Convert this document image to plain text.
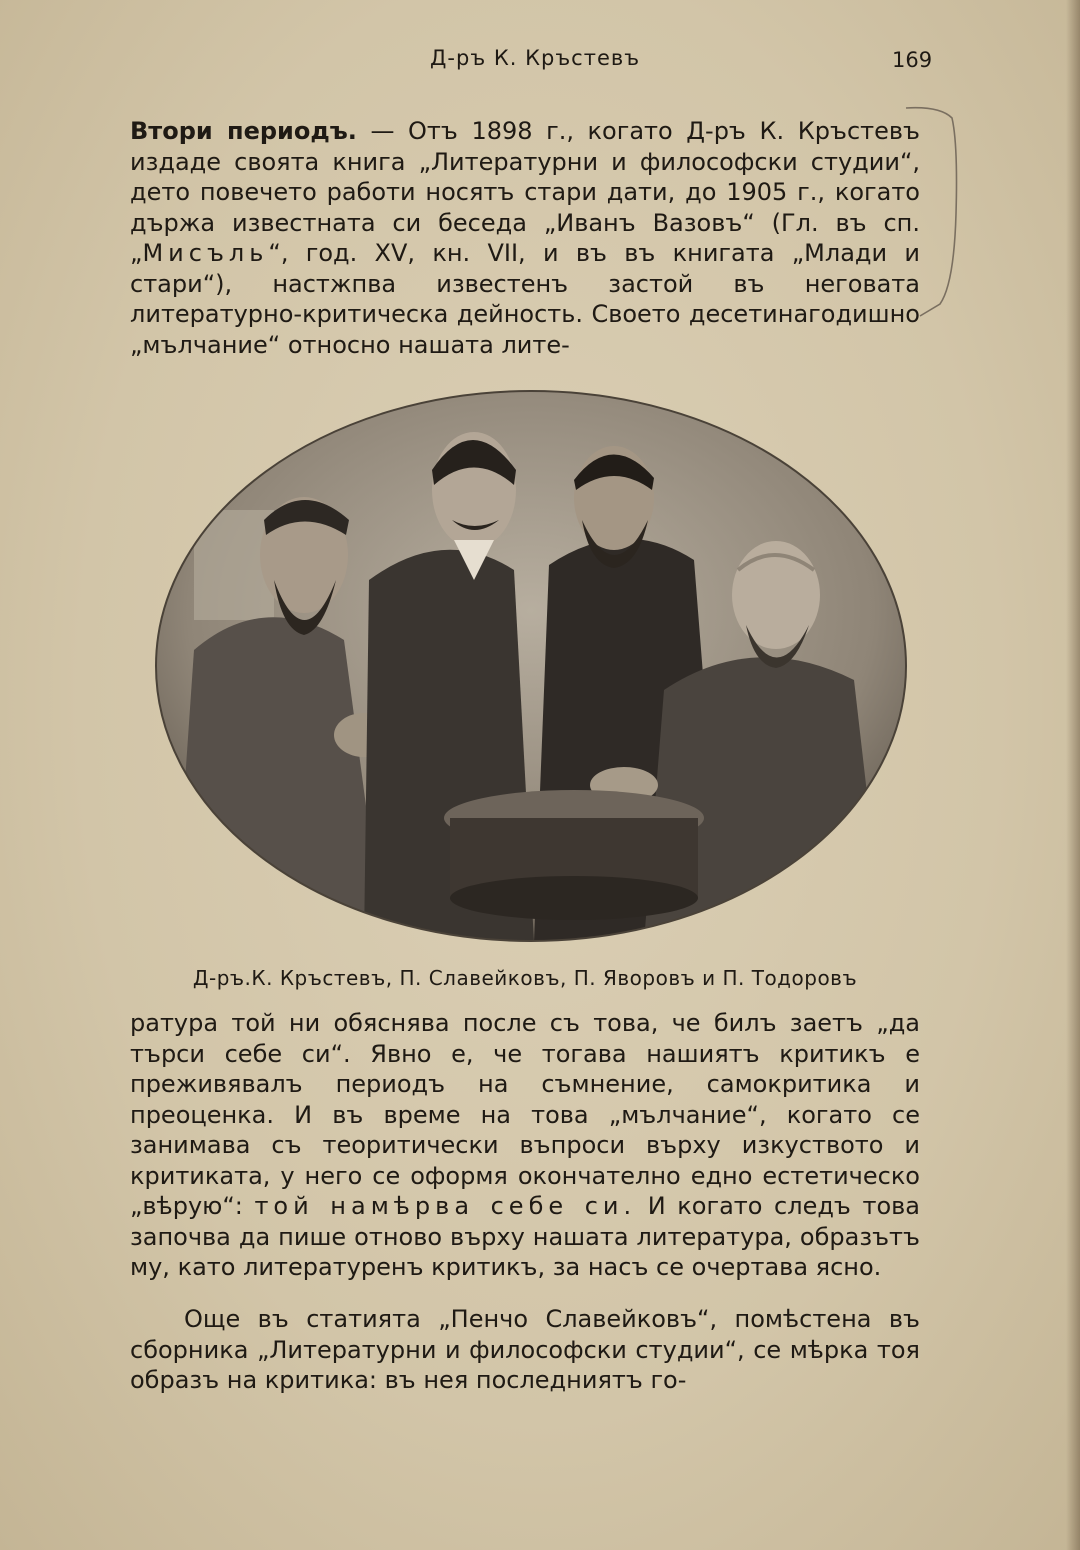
Д-ръ К. Кръстевъ	169

Втори периодъ. — Отъ 1898 г., когато Д-ръ К. Кръстевъ издаде своята книга „Литературни и философски студии“, дето повечето работи носятъ стари дати, до 1905 г., когато държа известната си беседа „Иванъ Вазовъ“ (Гл. въ сп. „Мисъль“, год. XV, кн. VII, и въ въ книгата „Млади и стари“), настжпва известенъ застой въ неговата литературно-критическа дейность. Своето десетинагодишно „мълчание“ относно нашата лите-

Д-ръ.К. Кръстевъ, П. Славейковъ, П. Яворовъ и П. Тодоровъ

ратура той ни обяснява после съ това, че билъ заетъ „да търси себе си“. Явно е, че тогава нашиятъ критикъ е преживявалъ периодъ на съмнение, самокритика и преоценка. И въ време на това „мълчание“, когато се занимава съ теоритически въпроси върху изкуството и критиката, у него се оформя окончателно едно естетическо „вѣрую“: той намѣрва себе си. И когато следъ това започва да пише отново върху нашата литература, образътъ му, като литературенъ критикъ, за насъ се очертава ясно.

Още въ статията „Пенчо Славейковъ“, помѣстена въ сборника „Литературни и философски студии“, се мѣрка тоя образъ на критика: въ нея последниятъ го-
